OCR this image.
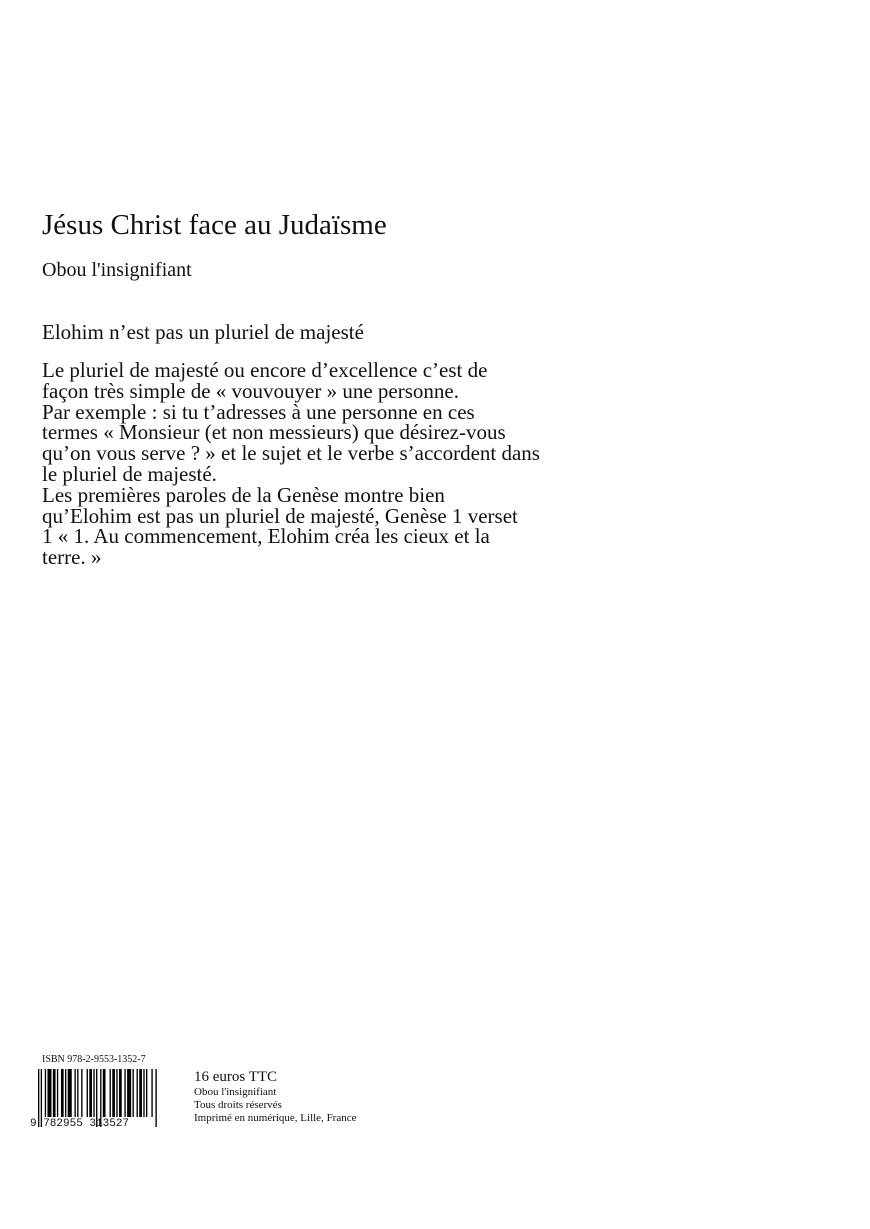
Jésus Christ face au Judaïsme
Obou l'insignifiant
Elohim n’est pas un pluriel de majesté
Le pluriel de majesté ou encore d’excellence c’est de
façon très simple de « vouvouyer » une personne.
Par exemple : si tu t’adresses à une personne en ces
termes « Monsieur (et non messieurs) que désirez-vous
qu’on vous serve ? » et le sujet et le verbe s’accordent dans
le pluriel de majesté.
Les premières paroles de la Genèse montre bien
qu’Elohim est pas un pluriel de majesté, Genèse 1 verset
1 « 1. Au commencement, Elohim créa les cieux et la
terre. »
ISBN 978-2-9553-1352-7
9 782955 313527
16 euros TTC
Obou l'insignifiant
Tous droits réservés
Imprimé en numérique, Lille, France
